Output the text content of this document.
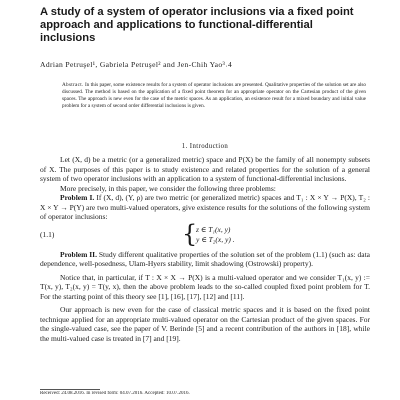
A study of a system of operator inclusions via a fixed point approach and applications to functional-differential inclusions
Adrian Petruşel¹, Gabriela Petruşel² and Jen-Chih Yao³˒4

Abstract. In this paper, some existence results for a system of operator inclusions are presented. Qualitative properties of the solution set are also discussed. The method is based on the application of a fixed point theorem for an appropriate operator on the Cartesian product of the given spaces. The approach is new even for the case of the metric spaces. As an application, an existence result for a mixed boundary and initial value problem for a system of second order differential inclusions is given.

1. Introduction

Let (X, d) be a metric (or a generalized metric) space and P(X) be the family of all nonempty subsets of X. The purposes of this paper is to study existence and related properties for the solution of a general system of two operator inclusions with an application to a system of functional-differential inclusions.

More precisely, in this paper, we consider the following three problems:

Problem I. If (X, d), (Y, ρ) are two metric (or generalized metric) spaces and T₁ : X × Y → P(X), T₂ : X × Y → P(Y) are two multi-valued operators, give existence results for the solutions of the following system of operator inclusions:

(1.1)	{
z ∈ T₁(x, y)
y ∈ T₂(x, y) .

Problem II. Study different qualitative properties of the solution set of the problem (1.1) (such as: data dependence, well-posedness, Ulam-Hyers stability, limit shadowing (Ostrowski) property).

Notice that, in particular, if T : X × X → P(X) is a multi-valued operator and we consider T₁(x, y) := T(x, y), T₂(x, y) = T(y, x), then the above problem leads to the so-called coupled fixed point problem for T. For the starting point of this theory see [1], [16], [17], [12] and [11].

Our approach is new even for the case of classical metric spaces and it is based on the fixed point technique applied for an appropriate multi-valued operator on the Cartesian product of the given spaces. For the single-valued case, see the paper of V. Berinde [5] and a recent contribution of the authors in [18], while the multi-valued case is treated in [7] and [19].

Received: 24.08.2016. In revised form: 04.07.2016. Accepted: 10.07.2016.
